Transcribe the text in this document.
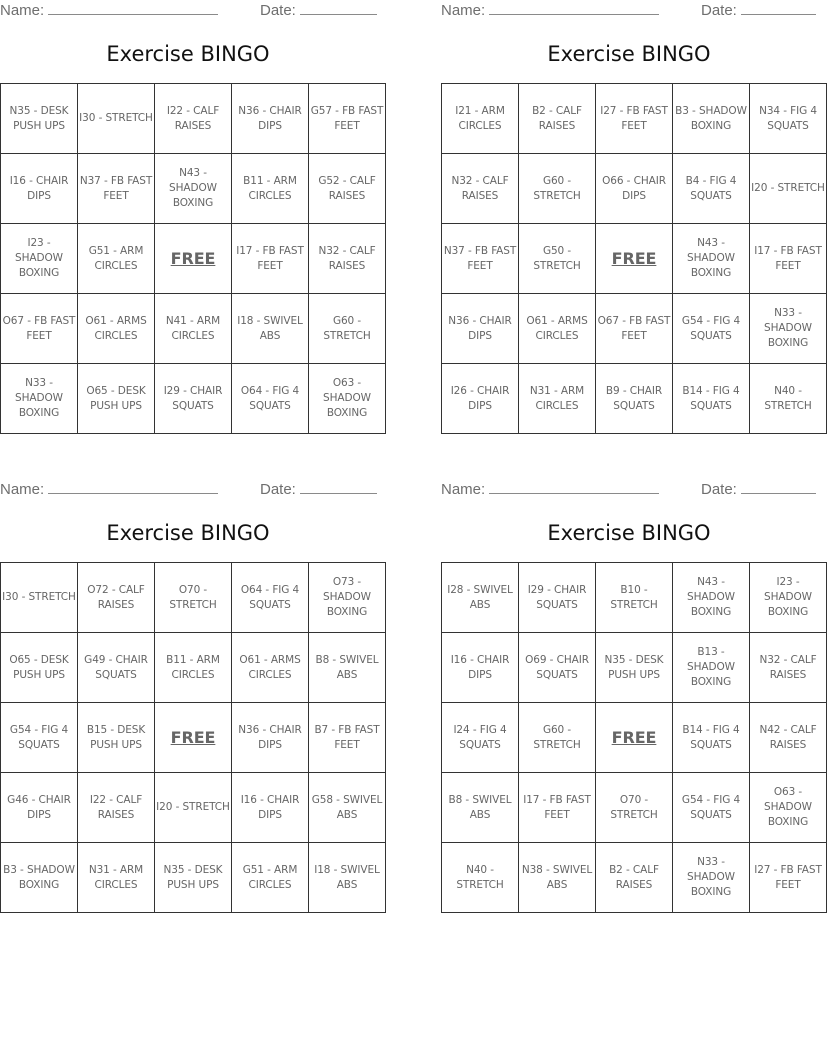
Name:	Date:
Exercise BINGO
N35 - DESK PUSH UPS	I30 - STRETCH	I22 - CALF RAISES	N36 - CHAIR DIPS	G57 - FB FAST FEET
I16 - CHAIR DIPS	N37 - FB FAST FEET	N43 - SHADOW BOXING	B11 - ARM CIRCLES	G52 - CALF RAISES
I23 - SHADOW BOXING	G51 - ARM CIRCLES	FREE	I17 - FB FAST FEET	N32 - CALF RAISES
O67 - FB FAST FEET	O61 - ARMS CIRCLES	N41 - ARM CIRCLES	I18 - SWIVEL ABS	G60 - STRETCH
N33 - SHADOW BOXING	O65 - DESK PUSH UPS	I29 - CHAIR SQUATS	O64 - FIG 4 SQUATS	O63 - SHADOW BOXING
Name:	Date:
Exercise BINGO
I21 - ARM CIRCLES	B2 - CALF RAISES	I27 - FB FAST FEET	B3 - SHADOW BOXING	N34 - FIG 4 SQUATS
N32 - CALF RAISES	G60 - STRETCH	O66 - CHAIR DIPS	B4 - FIG 4 SQUATS	I20 - STRETCH
N37 - FB FAST FEET	G50 - STRETCH	FREE	N43 - SHADOW BOXING	I17 - FB FAST FEET
N36 - CHAIR DIPS	O61 - ARMS CIRCLES	O67 - FB FAST FEET	G54 - FIG 4 SQUATS	N33 - SHADOW BOXING
I26 - CHAIR DIPS	N31 - ARM CIRCLES	B9 - CHAIR SQUATS	B14 - FIG 4 SQUATS	N40 - STRETCH
Name:	Date:
Exercise BINGO
I30 - STRETCH	O72 - CALF RAISES	O70 - STRETCH	O64 - FIG 4 SQUATS	O73 - SHADOW BOXING
O65 - DESK PUSH UPS	G49 - CHAIR SQUATS	B11 - ARM CIRCLES	O61 - ARMS CIRCLES	B8 - SWIVEL ABS
G54 - FIG 4 SQUATS	B15 - DESK PUSH UPS	FREE	N36 - CHAIR DIPS	B7 - FB FAST FEET
G46 - CHAIR DIPS	I22 - CALF RAISES	I20 - STRETCH	I16 - CHAIR DIPS	G58 - SWIVEL ABS
B3 - SHADOW BOXING	N31 - ARM CIRCLES	N35 - DESK PUSH UPS	G51 - ARM CIRCLES	I18 - SWIVEL ABS
Name:	Date:
Exercise BINGO
I28 - SWIVEL ABS	I29 - CHAIR SQUATS	B10 - STRETCH	N43 - SHADOW BOXING	I23 - SHADOW BOXING
I16 - CHAIR DIPS	O69 - CHAIR SQUATS	N35 - DESK PUSH UPS	B13 - SHADOW BOXING	N32 - CALF RAISES
I24 - FIG 4 SQUATS	G60 - STRETCH	FREE	B14 - FIG 4 SQUATS	N42 - CALF RAISES
B8 - SWIVEL ABS	I17 - FB FAST FEET	O70 - STRETCH	G54 - FIG 4 SQUATS	O63 - SHADOW BOXING
N40 - STRETCH	N38 - SWIVEL ABS	B2 - CALF RAISES	N33 - SHADOW BOXING	I27 - FB FAST FEET
